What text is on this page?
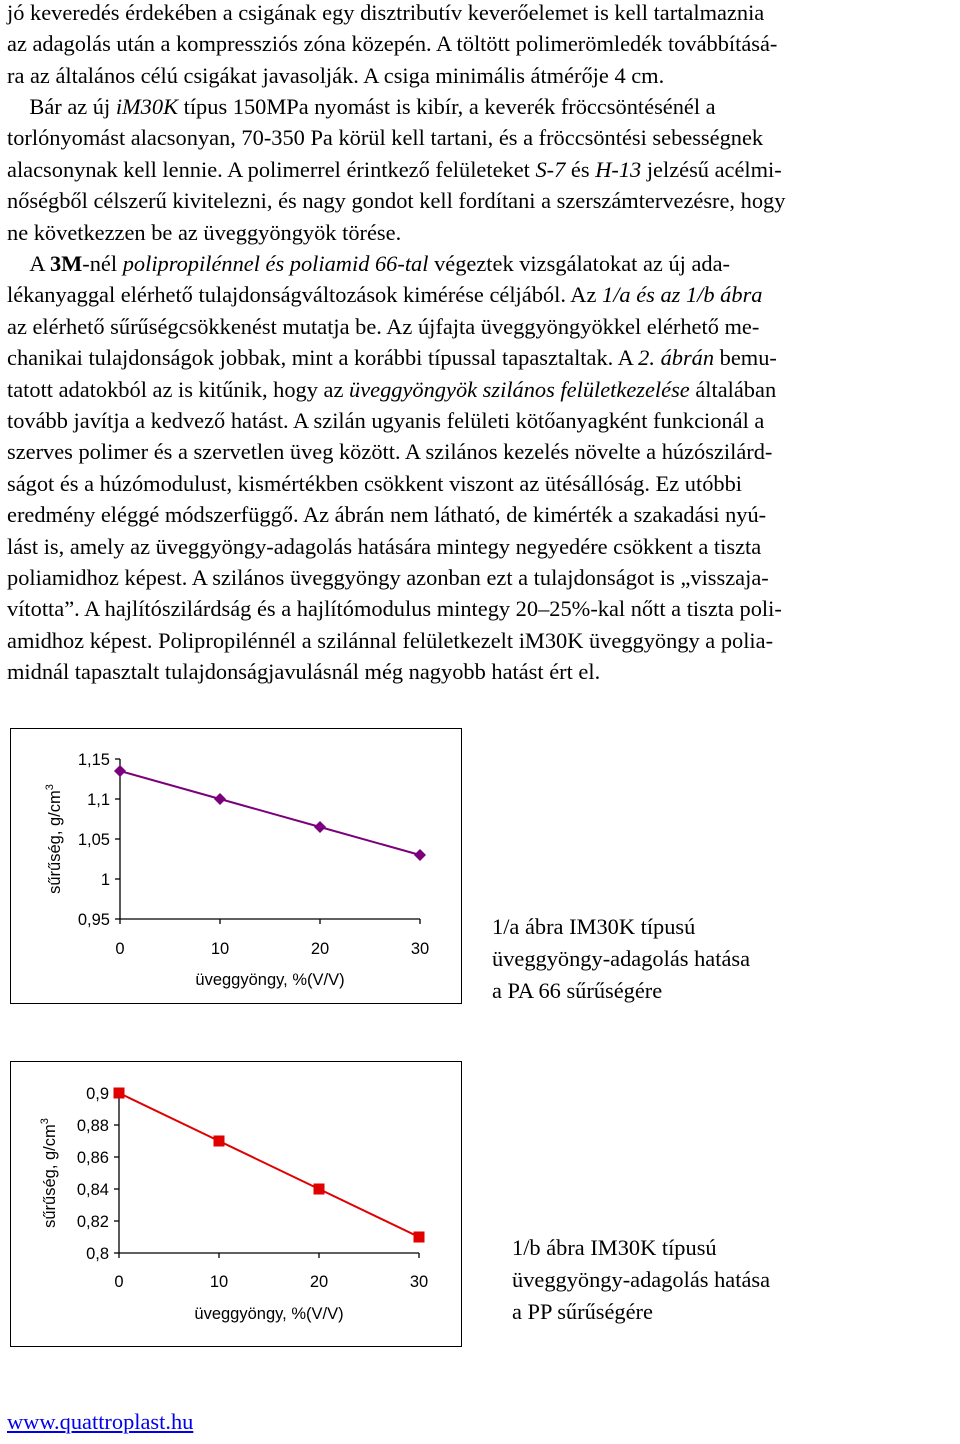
jó keveredés érdekében a csigának egy disztributív keverőelemet is kell tartalmaznia
az adagolás után a kompressziós zóna közepén. A töltött polimerömledék továbbításá-
ra az általános célú csigákat javasolják. A csiga minimális átmérője 4 cm.

 Bár az új iM30K típus 150MPa nyomást is kibír, a keverék fröccsöntésénél a
torlónyomást alacsonyan, 70-350 Pa körül kell tartani, és a fröccsöntési sebességnek
alacsonynak kell lennie. A polimerrel érintkező felületeket S-7 és H-13 jelzésű acélmi-
nőségből célszerű kivitelezni, és nagy gondot kell fordítani a szerszámtervezésre, hogy
ne következzen be az üveggyöngyök törése.

 A 3M-nél polipropilénnel és poliamid 66-tal végeztek vizsgálatokat az új ada-
lékanyaggal elérhető tulajdonságváltozások kimérése céljából. Az 1/a és az 1/b ábra
az elérhető sűrűségcsökkenést mutatja be. Az újfajta üveggyöngyökkel elérhető me-
chanikai tulajdonságok jobbak, mint a korábbi típussal tapasztaltak. A 2. ábrán bemu-
tatott adatokból az is kitűnik, hogy az üveggyöngyök szilános felületkezelése általában
tovább javítja a kedvező hatást. A szilán ugyanis felületi kötőanyagként funkcionál a
szerves polimer és a szervetlen üveg között. A szilános kezelés növelte a húzószilárd-
ságot és a húzómodulust, kismértékben csökkent viszont az ütésállóság. Ez utóbbi
eredmény eléggé módszerfüggő. Az ábrán nem látható, de kimérték a szakadási nyú-
lást is, amely az üveggyöngy-adagolás hatására mintegy negyedére csökkent a tiszta
poliamidhoz képest. A szilános üveggyöngy azonban ezt a tulajdonságot is „visszaja-
vította”. A hajlítószilárdság és a hajlítómodulus mintegy 20–25%-kal nőtt a tiszta poli-
amidhoz képest. Polipropilénnél a szilánnal felületkezelt iM30K üveggyöngy a polia-
midnál tapasztalt tulajdonságjavulásnál még nagyobb hatást ért el.

1,15
1,1
1,05
1
0,95
0	10	20	30
üveggyöngy, %(V/V)
sűrűség, $g/cm^3$

1/a ábra IM30K típusú
üveggyöngy-adagolás hatása
a PA 66 sűrűségére

0,9
0,88
0,86
0,84
0,82
0,8
0	10	20	30
üveggyöngy, %(V/V)
sűrűség, $g/cm^3$

1/b ábra IM30K típusú
üveggyöngy-adagolás hatása
a PP sűrűségére

www.quattroplast.hu
